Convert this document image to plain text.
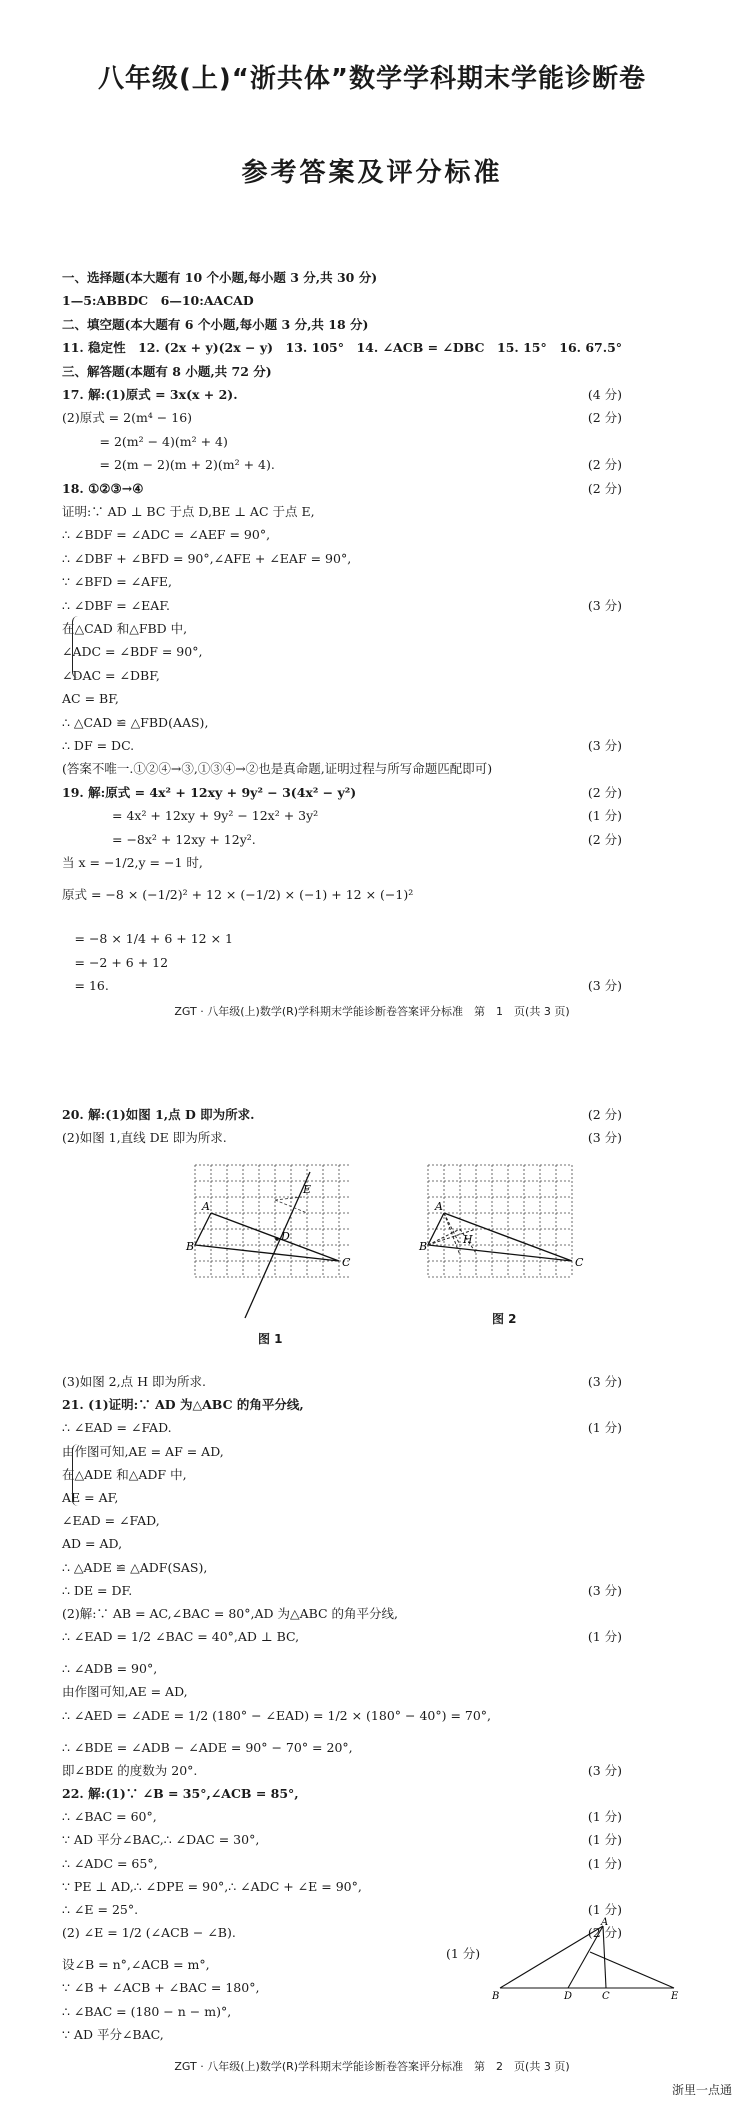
八年级(上)“浙共体”数学学科期末学能诊断卷
参考答案及评分标准
一、选择题(本大题有 10 个小题,每小题 3 分,共 30 分)
1—5:ABBDC　6—10:AACAD
二、填空题(本大题有 6 个小题,每小题 3 分,共 18 分)
11. 稳定性　12. (2x + y)(2x − y)　13. 105°　14. ∠ACB = ∠DBC　15. 15°　16. 67.5°
三、解答题(本题有 8 小题,共 72 分)
17. 解:(1)原式 = 3x(x + 2).	(4 分)
(2)原式 = 2(m⁴ − 16)	(2 分)
　　　= 2(m² − 4)(m² + 4)
　　　= 2(m − 2)(m + 2)(m² + 4).	(2 分)
18. ①②③→④	(2 分)
证明:∵ AD ⊥ BC 于点 D,BE ⊥ AC 于点 E,
∴ ∠BDF = ∠ADC = ∠AEF = 90°,
∴ ∠DBF + ∠BFD = 90°,∠AFE + ∠EAF = 90°,
∵ ∠BFD = ∠AFE,
∴ ∠DBF = ∠EAF.	(3 分)
在△CAD 和△FBD 中,
∠ADC = ∠BDF = 90°,
∠DAC = ∠DBF,
AC = BF,
∴ △CAD ≌ △FBD(AAS),
∴ DF = DC.	(3 分)
(答案不唯一.①②④→③,①③④→②也是真命题,证明过程与所写命题匹配即可)
19. 解:原式 = 4x² + 12xy + 9y² − 3(4x² − y²)	(2 分)
　　　　= 4x² + 12xy + 9y² − 12x² + 3y²	(1 分)
　　　　= −8x² + 12xy + 12y².	(2 分)
当 x = −1/2,y = −1 时,
原式 = −8 × (−1/2)² + 12 × (−1/2) × (−1) + 12 × (−1)²
　= −8 × 1/4 + 6 + 12 × 1
　= −2 + 6 + 12
　= 16.	(3 分)
ZGT · 八年级(上)数学(R)学科期末学能诊断卷答案评分标准　第　1　页(共 3 页)
20. 解:(1)如图 1,点 D 即为所求.	(2 分)
(2)如图 1,直线 DE 即为所求.	(3 分)
A
B
C
D
E
图 1
A
B
C
H
图 2
(3)如图 2,点 H 即为所求.	(3 分)
21. (1)证明:∵ AD 为△ABC 的角平分线,
∴ ∠EAD = ∠FAD.	(1 分)
由作图可知,AE = AF = AD,
在△ADE 和△ADF 中,
AE = AF,
∠EAD = ∠FAD,
AD = AD,
∴ △ADE ≌ △ADF(SAS),
∴ DE = DF.	(3 分)
(2)解:∵ AB = AC,∠BAC = 80°,AD 为△ABC 的角平分线,
∴ ∠EAD = 1/2 ∠BAC = 40°,AD ⊥ BC,	(1 分)
∴ ∠ADB = 90°,
由作图可知,AE = AD,
∴ ∠AED = ∠ADE = 1/2 (180° − ∠EAD) = 1/2 × (180° − 40°) = 70°,
∴ ∠BDE = ∠ADB − ∠ADE = 90° − 70° = 20°,
即∠BDE 的度数为 20°.	(3 分)
22. 解:(1)∵ ∠B = 35°,∠ACB = 85°,
∴ ∠BAC = 60°,	(1 分)
∵ AD 平分∠BAC,∴ ∠DAC = 30°,	(1 分)
∴ ∠ADC = 65°,	(1 分)
∵ PE ⊥ AD,∴ ∠DPE = 90°,∴ ∠ADC + ∠E = 90°,
∴ ∠E = 25°.	(1 分)
(2) ∠E = 1/2 (∠ACB − ∠B).	(2 分)
设∠B = n°,∠ACB = m°,
∵ ∠B + ∠ACB + ∠BAC = 180°,
∴ ∠BAC = (180 − n − m)°,
∵ AD 平分∠BAC,
A
B	D	C	E
(1 分)
ZGT · 八年级(上)数学(R)学科期末学能诊断卷答案评分标准　第　2　页(共 3 页)
浙里一点通
